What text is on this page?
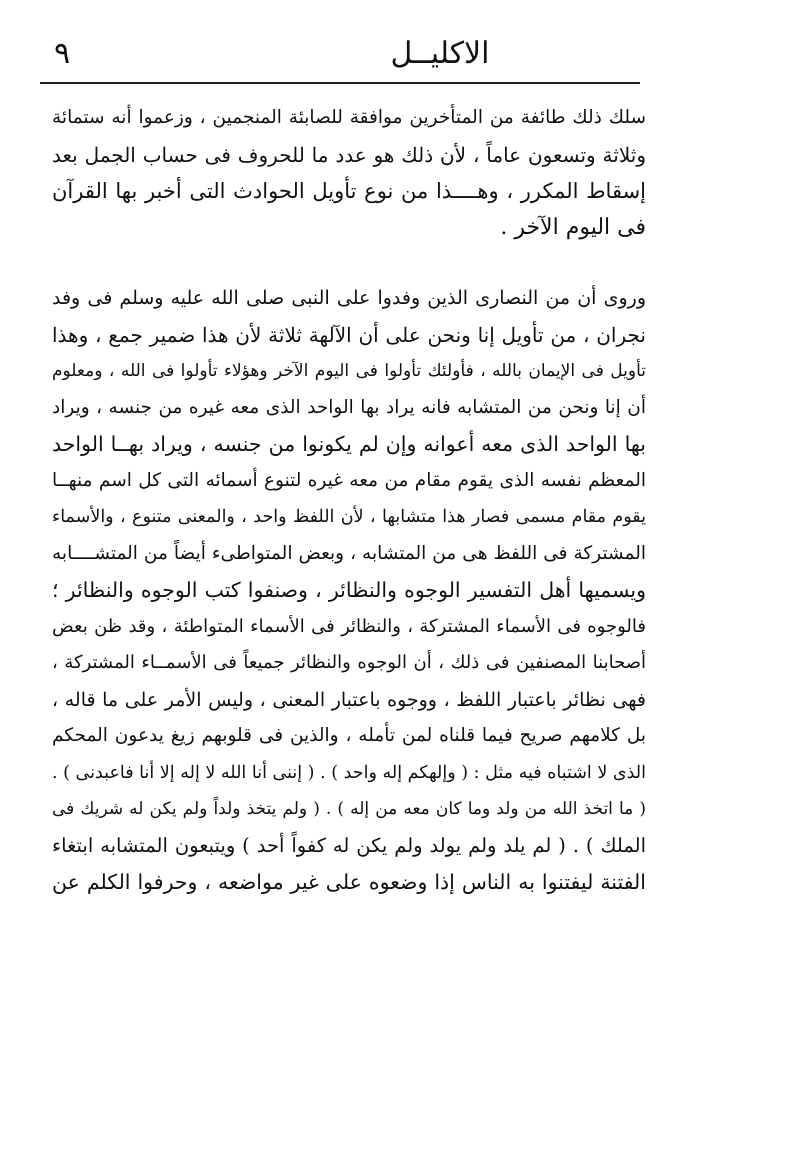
٩	الاكليــل
سلك ذلك طائفة من المتأخرين موافقة للصابئة المنجمين ، وزعموا أنه ستمائة
وثلاثة وتسعون عاماً ، لأن ذلك هو عدد ما للحروف فى حساب الجمل بعد
إسقاط المكرر ، وهــــذا من نوع تأويل الحوادث التى أخبر بها القرآن
فى اليوم الآخر .
وروى أن من النصارى الذين وفدوا على النبى صلى الله عليه وسلم فى وفد
نجران ، من تأويل إنا ونحن على أن الآلهة ثلاثة لأن هذا ضمير جمع ، وهذا
تأويل فى الإيمان بالله ، فأولئك تأولوا فى اليوم الآخر وهؤلاء تأولوا فى الله ، ومعلوم
أن إنا ونحن من المتشابه فانه يراد بها الواحد الذى معه غيره من جنسه ، ويراد
بها الواحد الذى معه أعوانه وإن لم يكونوا من جنسه ، ويراد بهــا الواحد
المعظم نفسه الذى يقوم مقام من معه غيره لتنوع أسمائه التى كل اسم منهــا
يقوم مقام مسمى فصار هذا متشابها ، لأن اللفظ واحد ، والمعنى متنوع ، والأسماء
المشتركة فى اللفظ هى من المتشابه ، وبعض المتواطىء أيضاً من المتشــــابه
ويسميها أهل التفسير الوجوه والنظائر ، وصنفوا كتب الوجوه والنظائر ؛
فالوجوه فى الأسماء المشتركة ، والنظائر فى الأسماء المتواطئة ، وقد ظن بعض
أصحابنا المصنفين فى ذلك ، أن الوجوه والنظائر جميعاً فى الأسمــاء المشتركة ،
فهى نظائر باعتبار اللفظ ، ووجوه باعتبار المعنى ، وليس الأمر على ما قاله ،
بل كلامهم صريح فيما قلناه لمن تأمله ، والذين فى قلوبهم زيغ يدعون المحكم
الذى لا اشتباه فيه مثل : ( وإلهكم إله واحد ) . ( إننى أنا الله لا إله إلا أنا فاعبدنى ) .
( ما اتخذ الله من ولد وما كان معه من إله ) . ( ولم يتخذ ولداً ولم يكن له شريك فى
الملك ) . ( لم يلد ولم يولد ولم يكن له كفواً أحد ) ويتبعون المتشابه ابتغاء
الفتنة ليفتنوا به الناس إذا وضعوه على غير مواضعه ، وحرفوا الكلم عن
